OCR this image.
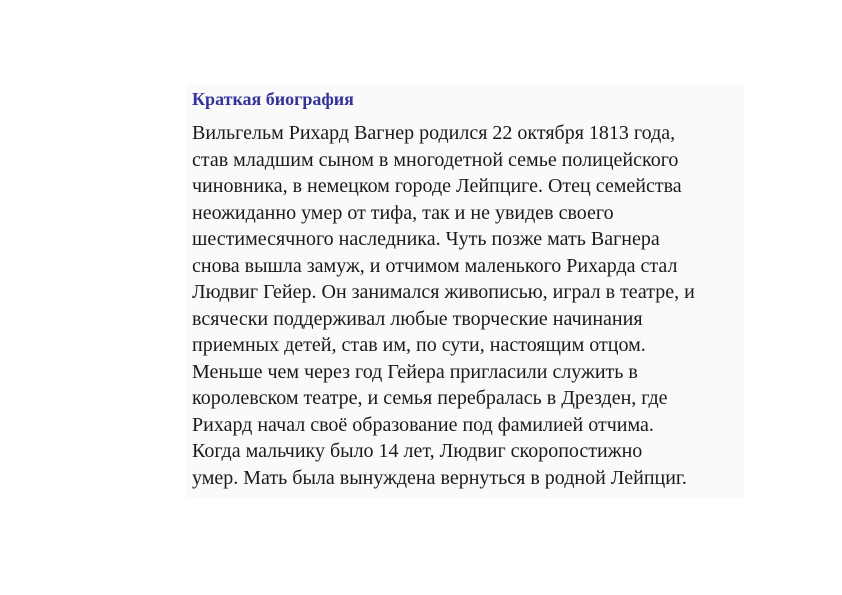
Краткая биография

Вильгельм Рихард Вагнер родился 22 октября 1813 года,
став младшим сыном в многодетной семье полицейского
чиновника, в немецком городе Лейпциге. Отец семейства
неожиданно умер от тифа, так и не увидев своего
шестимесячного наследника. Чуть позже мать Вагнера
снова вышла замуж, и отчимом маленького Рихарда стал
Людвиг Гейер. Он занимался живописью, играл в театре, и
всячески поддерживал любые творческие начинания
приемных детей, став им, по сути, настоящим отцом.
Меньше чем через год Гейера пригласили служить в
королевском театре, и семья перебралась в Дрезден, где
Рихард начал своё образование под фамилией отчима.
Когда мальчику было 14 лет, Людвиг скоропостижно
умер. Мать была вынуждена вернуться в родной Лейпциг.
